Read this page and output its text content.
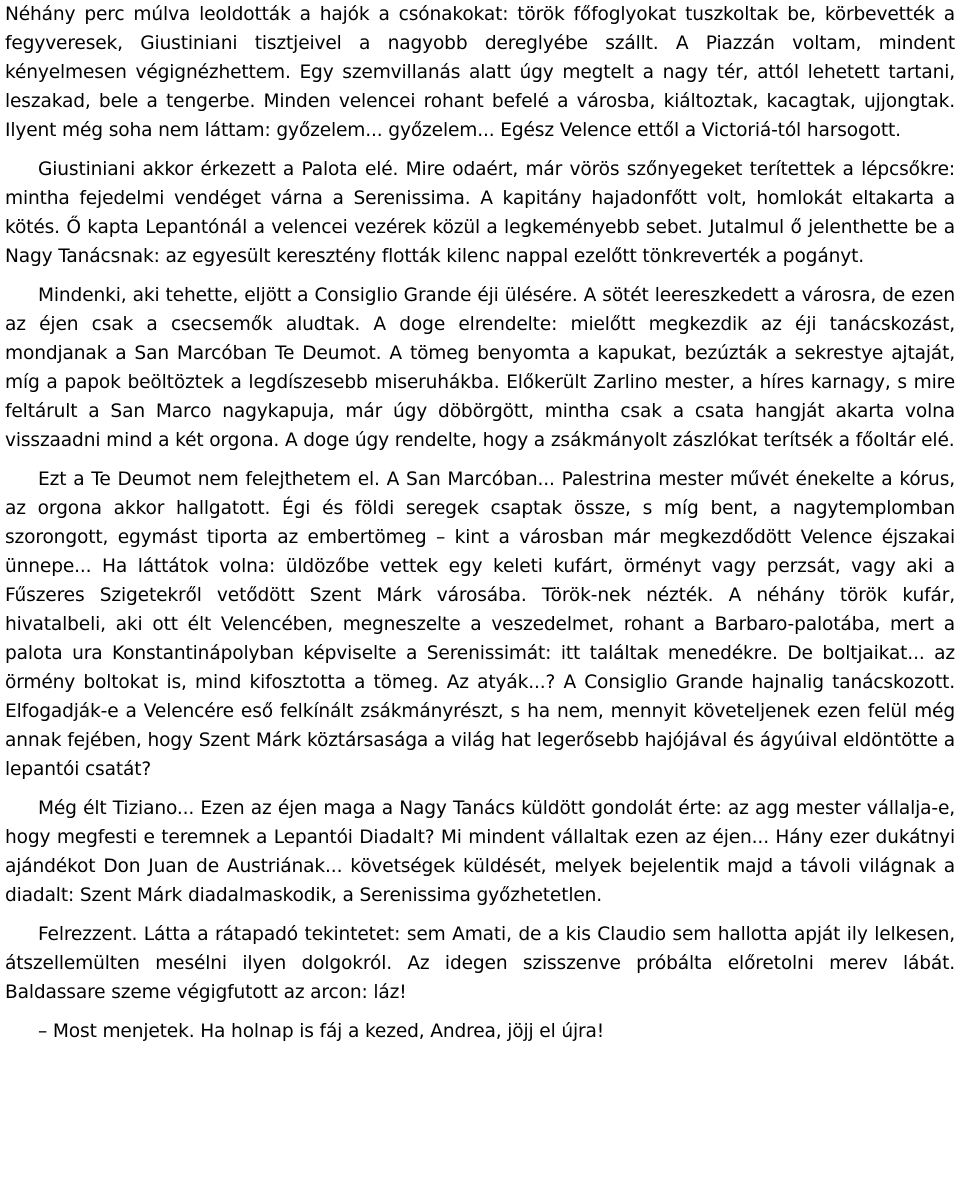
Néhány perc múlva leoldották a hajók a csónakokat: török főfoglyokat tuszkoltak be, körbevették a fegyveresek, Giustiniani tisztjeivel a nagyobb dereglyébe szállt. A Piazzán voltam, mindent kényelmesen végignézhettem. Egy szemvillanás alatt úgy megtelt a nagy tér, attól lehetett tartani, leszakad, bele a tengerbe. Minden velencei rohant befelé a városba, kiáltoztak, kacagtak, ujjongtak. Ilyent még soha nem láttam: győzelem... győzelem... Egész Velence ettől a Victoriá-tól harsogott.

Giustiniani akkor érkezett a Palota elé. Mire odaért, már vörös szőnyegeket terítettek a lépcsőkre: mintha fejedelmi vendéget várna a Serenissima. A kapitány hajadonfőtt volt, homlokát eltakarta a kötés. Ő kapta Lepantónál a velencei vezérek közül a legkeményebb sebet. Jutalmul ő jelenthette be a Nagy Tanácsnak: az egyesült keresztény flották kilenc nappal ezelőtt tönkreverték a pogányt.

Mindenki, aki tehette, eljött a Consiglio Grande éji ülésére. A sötét leereszkedett a városra, de ezen az éjen csak a csecsemők aludtak. A doge elrendelte: mielőtt megkezdik az éji tanácskozást, mondjanak a San Marcóban Te Deumot. A tömeg benyomta a kapukat, bezúzták a sekrestye ajtaját, míg a papok beöltöztek a legdíszesebb miseruhákba. Előkerült Zarlino mester, a híres karnagy, s mire feltárult a San Marco nagykapuja, már úgy döbörgött, mintha csak a csata hangját akarta volna visszaadni mind a két orgona. A doge úgy rendelte, hogy a zsákmányolt zászlókat terítsék a főoltár elé.

Ezt a Te Deumot nem felejthetem el. A San Marcóban... Palestrina mester művét énekelte a kórus, az orgona akkor hallgatott. Égi és földi seregek csaptak össze, s míg bent, a nagytemplomban szorongott, egymást tiporta az embertömeg – kint a városban már megkezdődött Velence éjszakai ünnepe... Ha láttátok volna: üldözőbe vettek egy keleti kufárt, örményt vagy perzsát, vagy aki a Fűszeres Szigetekről vetődött Szent Márk városába. Török-nek nézték. A néhány török kufár, hivatalbeli, aki ott élt Velencében, megneszelte a veszedelmet, rohant a Barbaro-palotába, mert a palota ura Konstantinápolyban képviselte a Serenissimát: itt találtak menedékre. De boltjaikat... az örmény boltokat is, mind kifosztotta a tömeg. Az atyák...? A Consiglio Grande hajnalig tanácskozott. Elfogadják-e a Velencére eső felkínált zsákmányrészt, s ha nem, mennyit követeljenek ezen felül még annak fejében, hogy Szent Márk köztársasága a világ hat legerősebb hajójával és ágyúival eldöntötte a lepantói csatát?

Még élt Tiziano... Ezen az éjen maga a Nagy Tanács küldött gondolát érte: az agg mester vállalja-e, hogy megfesti e teremnek a Lepantói Diadalt? Mi mindent vállaltak ezen az éjen... Hány ezer dukátnyi ajándékot Don Juan de Austriának... követségek küldését, melyek bejelentik majd a távoli világnak a diadalt: Szent Márk diadalmaskodik, a Serenissima győzhetetlen.

Felrezzent. Látta a rátapadó tekintetet: sem Amati, de a kis Claudio sem hallotta apját ily lelkesen, átszellemülten mesélni ilyen dolgokról. Az idegen szisszenve próbálta előretolni merev lábát. Baldassare szeme végigfutott az arcon: láz!

– Most menjetek. Ha holnap is fáj a kezed, Andrea, jöjj el újra!
